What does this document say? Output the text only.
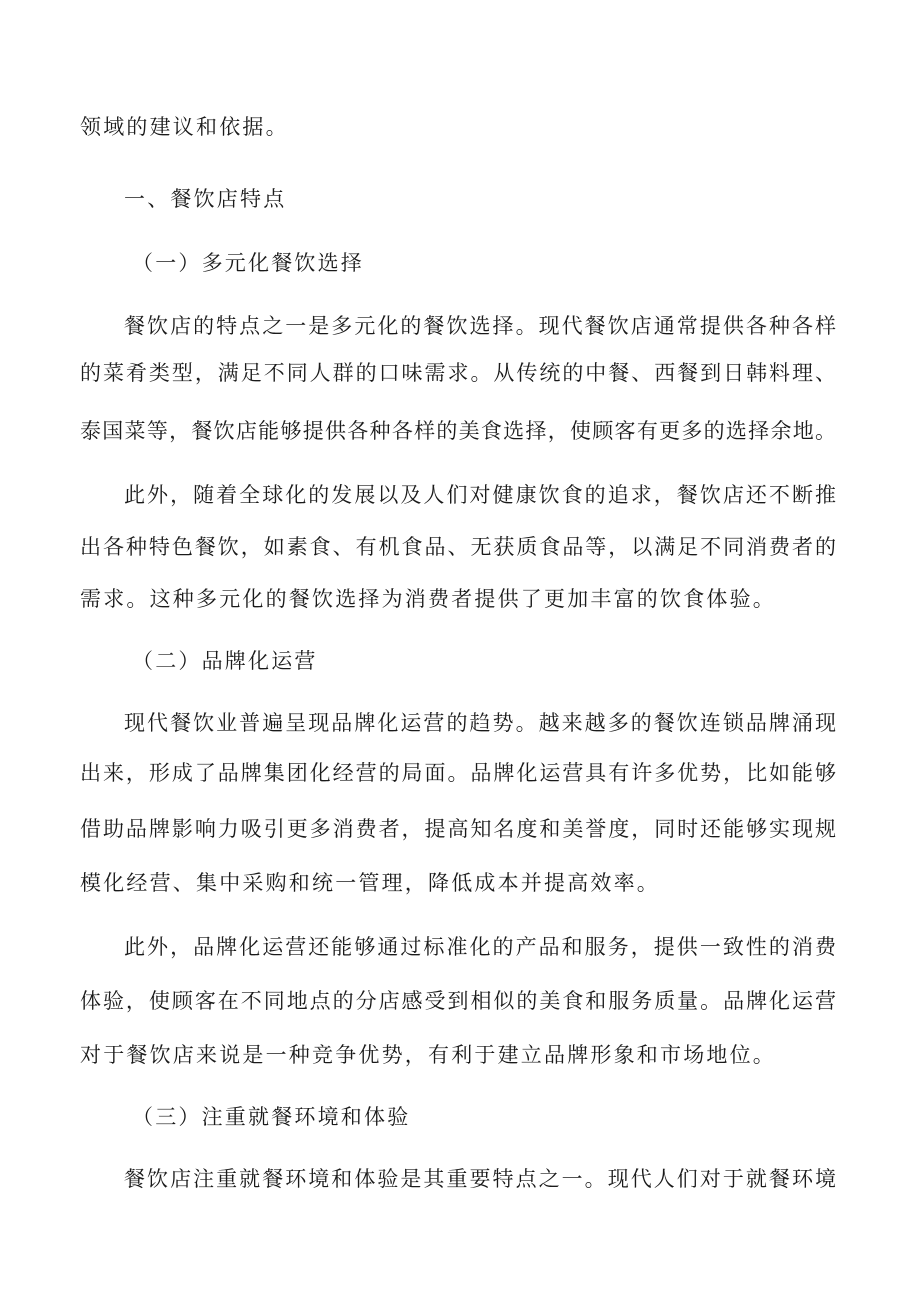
领域的建议和依据。
一、餐饮店特点
（一）多元化餐饮选择
餐饮店的特点之一是多元化的餐饮选择。现代餐饮店通常提供各种各样
的菜肴类型，满足不同人群的口味需求。从传统的中餐、西餐到日韩料理、
泰国菜等，餐饮店能够提供各种各样的美食选择，使顾客有更多的选择余地。
此外，随着全球化的发展以及人们对健康饮食的追求，餐饮店还不断推
出各种特色餐饮，如素食、有机食品、无获质食品等，以满足不同消费者的
需求。这种多元化的餐饮选择为消费者提供了更加丰富的饮食体验。
（二）品牌化运营
现代餐饮业普遍呈现品牌化运营的趋势。越来越多的餐饮连锁品牌涌现
出来，形成了品牌集团化经营的局面。品牌化运营具有许多优势，比如能够
借助品牌影响力吸引更多消费者，提高知名度和美誉度，同时还能够实现规
模化经营、集中采购和统一管理，降低成本并提高效率。
此外，品牌化运营还能够通过标准化的产品和服务，提供一致性的消费
体验，使顾客在不同地点的分店感受到相似的美食和服务质量。品牌化运营
对于餐饮店来说是一种竞争优势，有利于建立品牌形象和市场地位。
（三）注重就餐环境和体验
餐饮店注重就餐环境和体验是其重要特点之一。现代人们对于就餐环境
